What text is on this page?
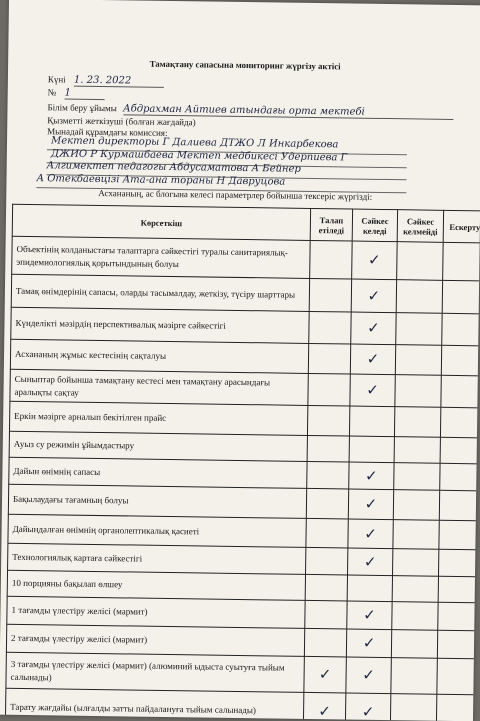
Тамақтану сапасына мониторинг жүргізу актісі
Күні 1. 23. 2022
№ 1
Білім беру ұйымы Абдрахман Айтиев атындағы орта мектебі
Қызметті жеткізуші (болған жағдайда)
Мынадай құрамдағы комиссия:
Мектеп директоры Г Далиева ДТЖО Л Инкарбекова
ДЖИО Р Курмашбаева Мектеп медбикесі Удерпиева Г
Алгимектеп педагогы Абдусаматова А Бейнер
А Отекбаевцізі Ата-ана тораны Н Давруцова
Асхананың, ас блогына келесі параметрлер бойынша тексеріс жүргізді:
Көрсеткіш	Талап етіледі	Сәйкес келеді	Сәйкес келмейді	Ескерту
Объектінің колданыстағы талаптарга сәйкестігі туралы санитариялық-эпидемиологиялық қорытындының болуы		✓		
Тамақ өнімдерінің сапасы, оларды тасымалдау, жеткізу, түсіру шарттары		✓		
Күнделікті мәзірдің перспективалық мәзірге сәйкестігі		✓		
Асхананың жұмыс кестесінің сақталуы		✓		
Сыныптар бойынша тамақтану кестесі мен тамақтану арасындағы аралықты сақтау		✓		
Еркін мәзірге арналып бекітілген прайс				
Ауыз су режимін ұйымдастыру				
Дайын өнімнің сапасы		✓		
Бақылаудағы тағамның болуы		✓		
Дайындалған өнімнің органолептикалық қасиеті		✓		
Технологиялық картаға сәйкестігі		✓		
10 порцияны бақылап өлшеу				
1 тағамды үлестіру желісі (мармит)		✓		
2 тағамды үлестіру желісі (мармит)		✓		
3 тағамды үлестіру желісі (мармит) (алюминий ыдыста суытуға тыйым салынады)	✓	✓		
Тарату жағдайы (ылғалды затты пайдалануға тыйым салынады)	✓	✓		
